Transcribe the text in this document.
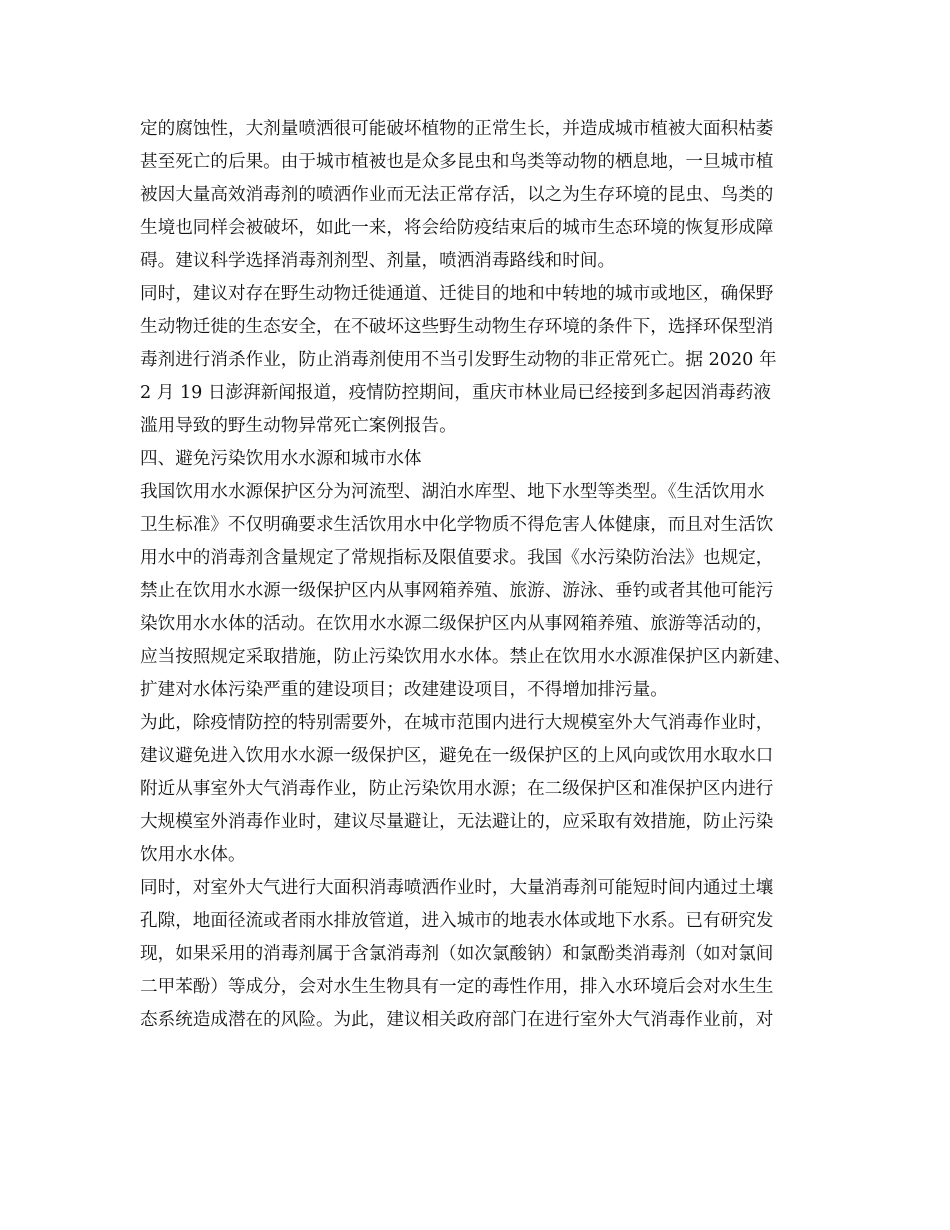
定的腐蚀性，大剂量喷洒很可能破坏植物的正常生长，并造成城市植被大面积枯萎
甚至死亡的后果。由于城市植被也是众多昆虫和鸟类等动物的栖息地，一旦城市植
被因大量高效消毒剂的喷洒作业而无法正常存活，以之为生存环境的昆虫、鸟类的
生境也同样会被破坏，如此一来，将会给防疫结束后的城市生态环境的恢复形成障
碍。建议科学选择消毒剂剂型、剂量，喷洒消毒路线和时间。
同时，建议对存在野生动物迁徙通道、迁徙目的地和中转地的城市或地区，确保野
生动物迁徙的生态安全，在不破坏这些野生动物生存环境的条件下，选择环保型消
毒剂进行消杀作业，防止消毒剂使用不当引发野生动物的非正常死亡。据 2020 年
2 月 19 日澎湃新闻报道，疫情防控期间，重庆市林业局已经接到多起因消毒药液
滥用导致的野生动物异常死亡案例报告。
四、避免污染饮用水水源和城市水体
我国饮用水水源保护区分为河流型、湖泊水库型、地下水型等类型。《生活饮用水
卫生标准》不仅明确要求生活饮用水中化学物质不得危害人体健康，而且对生活饮
用水中的消毒剂含量规定了常规指标及限值要求。我国《水污染防治法》也规定，
禁止在饮用水水源一级保护区内从事网箱养殖、旅游、游泳、垂钓或者其他可能污
染饮用水水体的活动。在饮用水水源二级保护区内从事网箱养殖、旅游等活动的，
应当按照规定采取措施，防止污染饮用水水体。禁止在饮用水水源准保护区内新建、
扩建对水体污染严重的建设项目；改建建设项目，不得增加排污量。
为此，除疫情防控的特别需要外，在城市范围内进行大规模室外大气消毒作业时，
建议避免进入饮用水水源一级保护区，避免在一级保护区的上风向或饮用水取水口
附近从事室外大气消毒作业，防止污染饮用水源；在二级保护区和准保护区内进行
大规模室外消毒作业时，建议尽量避让，无法避让的，应采取有效措施，防止污染
饮用水水体。
同时，对室外大气进行大面积消毒喷洒作业时，大量消毒剂可能短时间内通过土壤
孔隙，地面径流或者雨水排放管道，进入城市的地表水体或地下水系。已有研究发
现，如果采用的消毒剂属于含氯消毒剂（如次氯酸钠）和氯酚类消毒剂（如对氯间
二甲苯酚）等成分，会对水生生物具有一定的毒性作用，排入水环境后会对水生生
态系统造成潜在的风险。为此，建议相关政府部门在进行室外大气消毒作业前，对
